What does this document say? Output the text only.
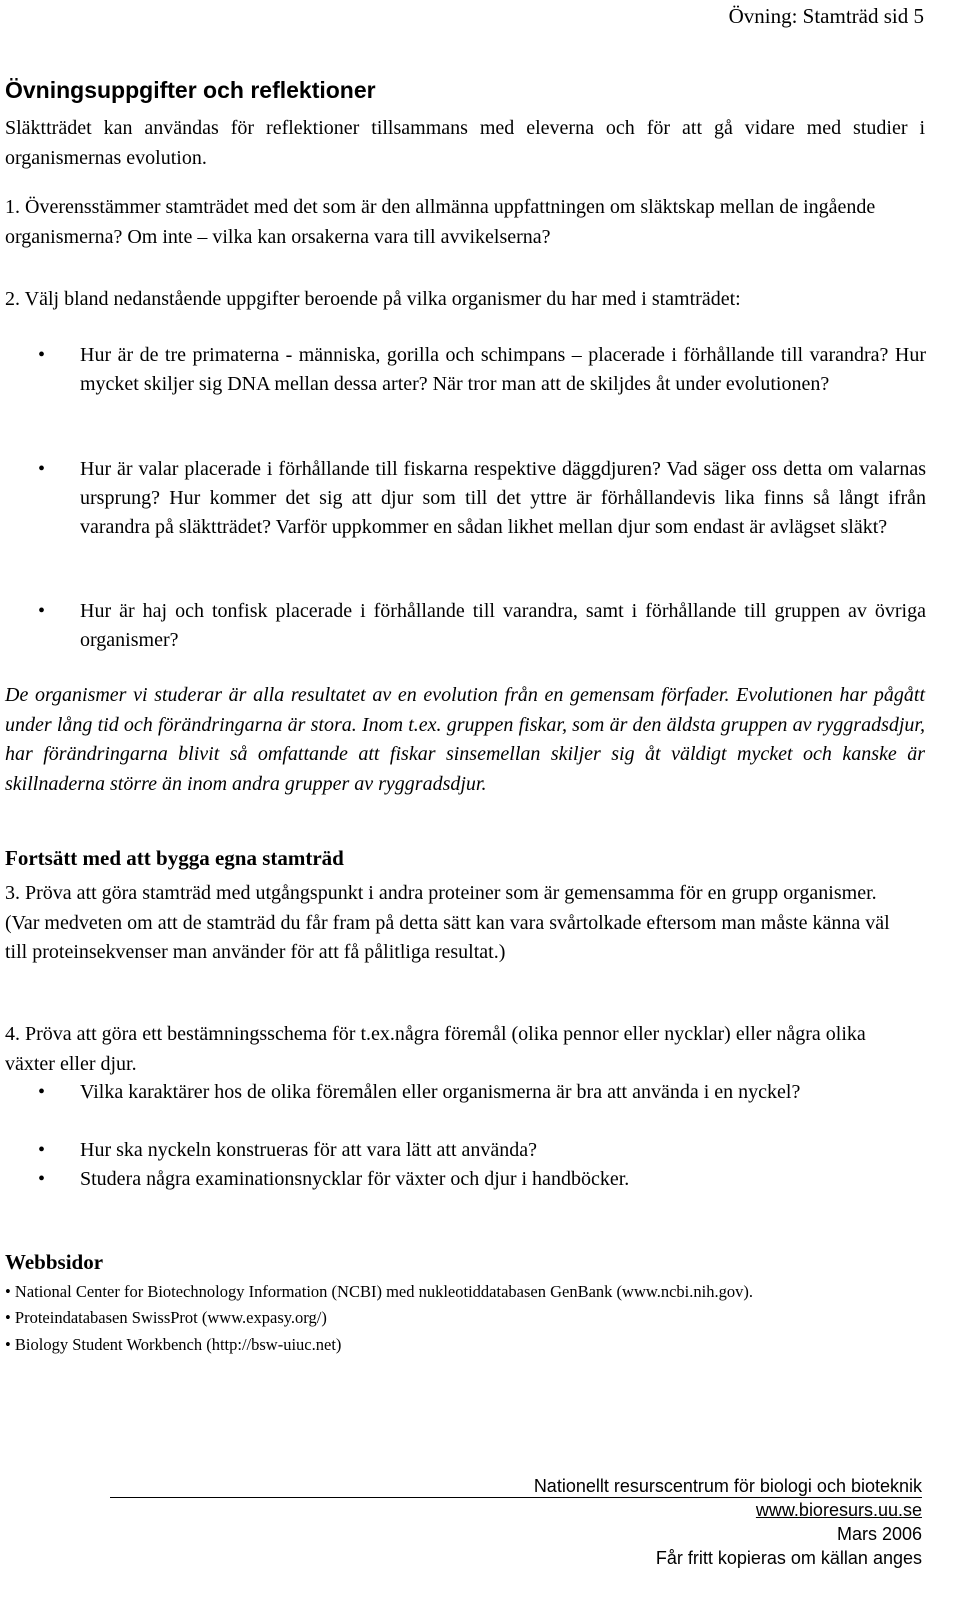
Övning: Stamträd sid 5
Övningsuppgifter och reflektioner
Släktträdet kan användas för reflektioner tillsammans med eleverna och för att gå vidare med studier i organismernas evolution.
1. Överensstämmer stamträdet med det som är den allmänna uppfattningen om släktskap mellan de ingående organismerna? Om inte – vilka kan orsakerna vara till avvikelserna?
2. Välj bland nedanstående uppgifter beroende på vilka organismer du har med i stamträdet:
• Hur är de tre primaterna - människa, gorilla och schimpans – placerade i förhållande till varandra? Hur mycket skiljer sig DNA mellan dessa arter? När tror man att de skiljdes åt under evolutionen?
• Hur är valar placerade i förhållande till fiskarna respektive däggdjuren? Vad säger oss detta om valarnas ursprung? Hur kommer det sig att djur som till det yttre är förhållandevis lika finns så långt ifrån varandra på släktträdet? Varför uppkommer en sådan likhet mellan djur som endast är avlägset släkt?
• Hur är haj och tonfisk placerade i förhållande till varandra, samt i förhållande till gruppen av övriga organismer?
De organismer vi studerar är alla resultatet av en evolution från en gemensam förfader. Evolutionen har pågått under lång tid och förändringarna är stora. Inom t.ex. gruppen fiskar, som är den äldsta gruppen av ryggradsdjur, har förändringarna blivit så omfattande att fiskar sinsemellan skiljer sig åt väldigt mycket och kanske är skillnaderna större än inom andra grupper av ryggradsdjur.
Fortsätt med att bygga egna stamträd
3. Pröva att göra stamträd med utgångspunkt i andra proteiner som är gemensamma för en grupp organismer. (Var medveten om att de stamträd du får fram på detta sätt kan vara svårtolkade eftersom man måste känna väl till proteinsekvenser man använder för att få pålitliga resultat.)
4. Pröva att göra ett bestämningsschema för t.ex.några föremål (olika pennor eller nycklar) eller några olika växter eller djur.
• Vilka karaktärer hos de olika föremålen eller organismerna är bra att använda i en nyckel?
• Hur ska nyckeln konstrueras för att vara lätt att använda?
• Studera några examinationsnycklar för växter och djur i handböcker.
Webbsidor
• National Center for Biotechnology Information (NCBI) med nukleotiddatabasen GenBank (www.ncbi.nih.gov).
• Proteindatabasen SwissProt (www.expasy.org/)
• Biology Student Workbench (http://bsw-uiuc.net)
Nationellt resurscentrum för biologi och bioteknik
www.bioresurs.uu.se
Mars 2006
Får fritt kopieras om källan anges
